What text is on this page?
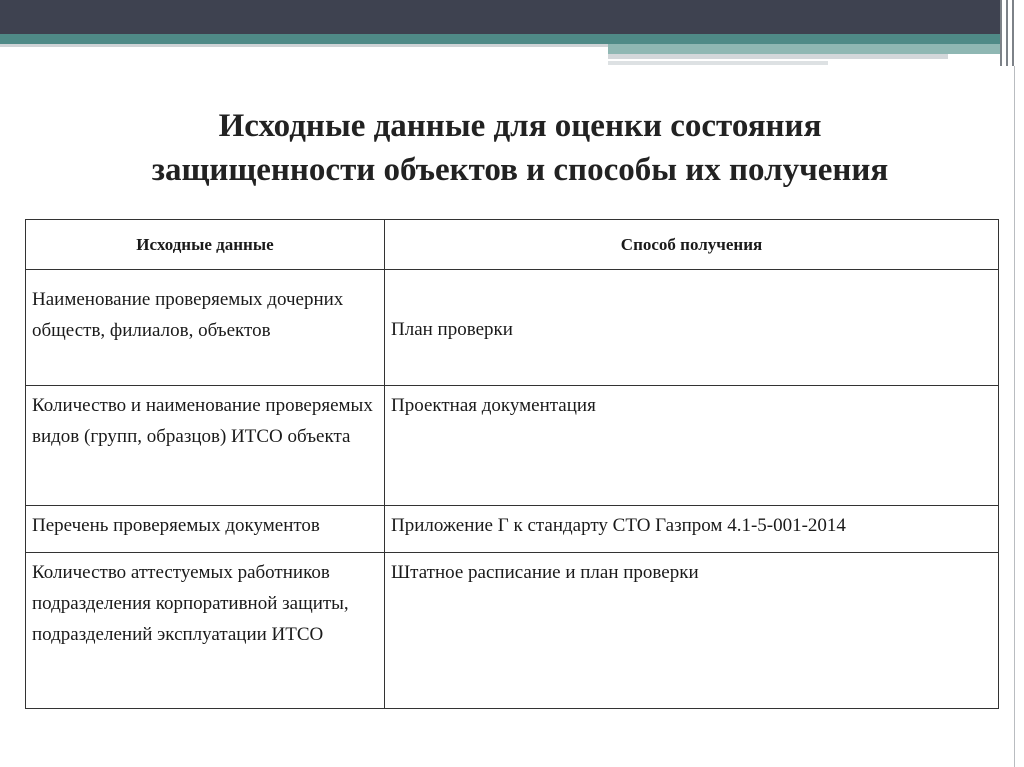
Исходные данные для оценки состояния
защищенности объектов и способы их получения
Исходные данные	Способ получения
Наименование проверяемых дочерних обществ, филиалов, объектов	План проверки
Количество и наименование проверяемых видов (групп, образцов) ИТСО объекта	Проектная документация
Перечень проверяемых документов	Приложение Г к стандарту СТО Газпром 4.1-5-001-2014
Количество аттестуемых работников подразделения корпоративной защиты, подразделений эксплуатации ИТСО	Штатное расписание и план проверки
